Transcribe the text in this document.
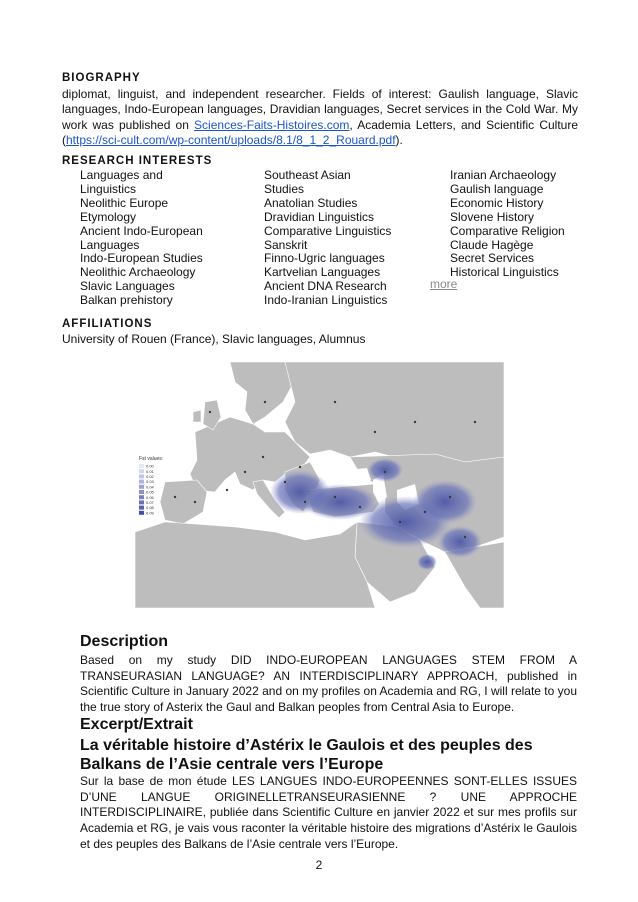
BIOGRAPHY
diplomat, linguist, and independent researcher. Fields of interest: Gaulish language, Slavic languages, Indo-European languages, Dravidian languages, Secret services in the Cold War. My work was published on Sciences-Faits-Histoires.com, Academia Letters, and Scientific Culture (https://sci-cult.com/wp-content/uploads/8.1/8_1_2_Rouard.pdf).
RESEARCH INTERESTS
Languages and
Linguistics
Neolithic Europe
Etymology
Ancient Indo-European
Languages
Indo-European Studies
Neolithic Archaeology
Slavic Languages
Balkan prehistory
Southeast Asian
Studies
Anatolian Studies
Dravidian Linguistics
Comparative Linguistics
Sanskrit
Finno-Ugric languages
Kartvelian Languages
Ancient DNA Research
Indo-Iranian Linguistics
Iranian Archaeology
Gaulish language
Economic History
Slovene History
Comparative Religion
Claude Hagège
Secret Services
Historical Linguistics
more
AFFILIATIONS
University of Rouen (France), Slavic languages, Alumnus
Fst values:
0.00
0.01
0.02
0.03
0.04
0.05
0.06
0.07
0.08
0.09
Description
Based on my study DID INDO-EUROPEAN LANGUAGES STEM FROM A TRANSEURASIAN LANGUAGE? AN INTERDISCIPLINARY APPROACH, published in Scientific Culture in January 2022 and on my profiles on Academia and RG, I will relate to you the true story of Asterix the Gaul and Balkan peoples from Central Asia to Europe.
Excerpt/Extrait
La véritable histoire d’Astérix le Gaulois et des peuples des Balkans de l’Asie centrale vers l’Europe
Sur la base de mon étude LES LANGUES INDO-EUROPEENNES SONT-ELLES ISSUES D’UNE LANGUE ORIGINELLETRANSEURASIENNE ? UNE APPROCHE INTERDISCIPLINAIRE, publiée dans Scientific Culture en janvier 2022 et sur mes profils sur Academia et RG, je vais vous raconter la véritable histoire des migrations d’Astérix le Gaulois et des peuples des Balkans de l’Asie centrale vers l’Europe.
2
